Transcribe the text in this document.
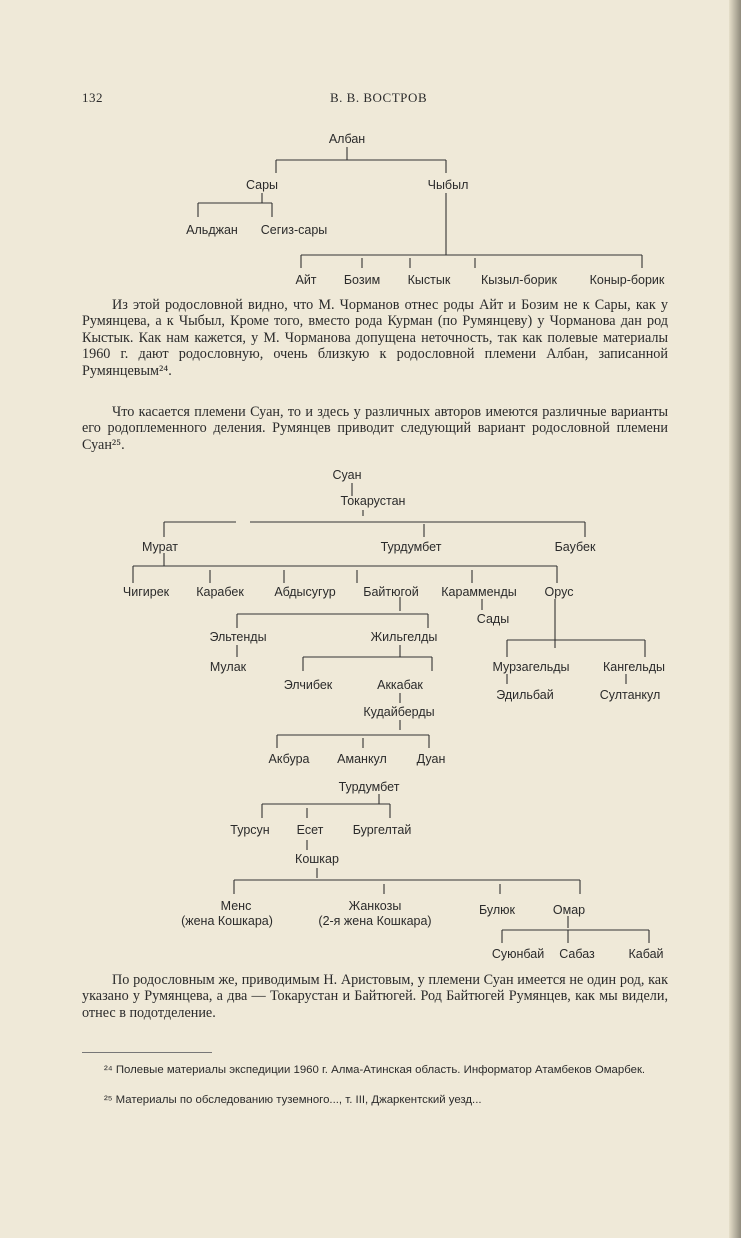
132	В. В. ВОСТРОВ
Албан
Сары	Чыбыл
Альджан Сегиз-сары
Айт Бозим Кыстык Кызыл-борик	Коныр-борик
Из этой родословной видно, что М. Чорманов отнес роды Айт и Бозим не к Сары, как у Румянцева, а к Чыбыл, Кроме того, вместо рода Курман (по Румянцеву) у Чорманова дан род Кыстык. Как нам кажется, у М. Чорманова допущена неточность, так как полевые материалы 1960 г. дают родословную, очень близкую к родословной племени Албан, записанной Румянцевым²⁴.
Что касается племени Суан, то и здесь у различных авторов имеются различные варианты его родоплеменного деления. Румянцев приводит следующий вариант родословной племени Суан²⁵.
Суан
Токарустан
Мурат	Турдумбет	Баубек
Чигирек Карабек Абдысугур Байтюгой Карамменды Орус
Сады
Эльтенды	Жильгелды
Мулак
Элчибек	Аккабак
Мурзагельды	Кангельды
Эдильбай	Султанкул
Кудайберды
Акбура Аманкул Дуан
Турдумбет
Турсун Есет Бургелтай
Кошкар
Менс
(жена Кошкара)
Жанкозы
(2-я жена Кошкара)
Булюк	Омар
Суюнбай Сабаз	Кабай
По родословным же, приводимым Н. Аристовым, у племени Суан имеется не один род, как указано у Румянцева, а два — Токарустан и Байтюгей. Род Байтюгей Румянцев, как мы видели, отнес в подотделение.
²⁴ Полевые материалы экспедиции 1960 г. Алма-Атинская область. Информатор Атамбеков Омарбек.
²⁵ Материалы по обследованию туземного..., т. III, Джаркентский уезд...
